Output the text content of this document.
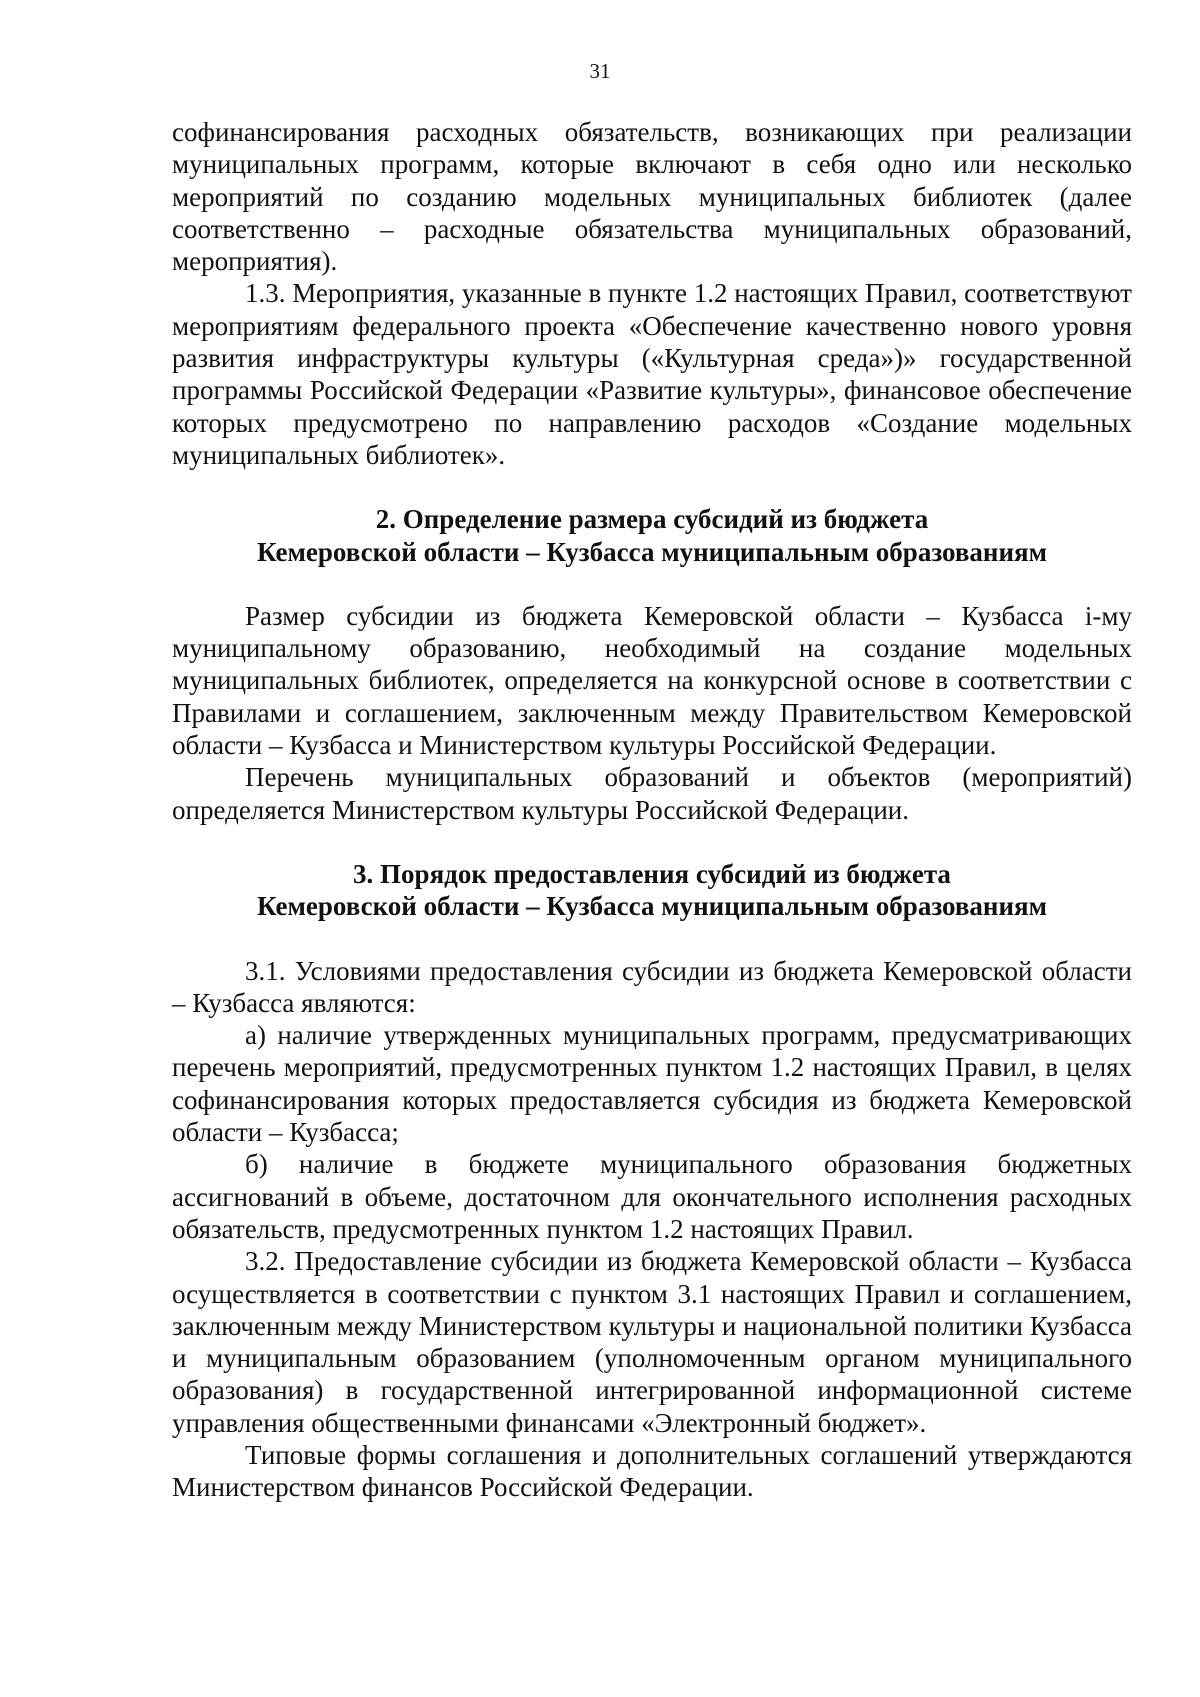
31

софинансирования расходных обязательств, возникающих при реализации муниципальных программ, которые включают в себя одно или несколько мероприятий по созданию модельных муниципальных библиотек (далее соответственно – расходные обязательства муниципальных образований, мероприятия).

1.3. Мероприятия, указанные в пункте 1.2 настоящих Правил, соответствуют мероприятиям федерального проекта «Обеспечение качественно нового уровня развития инфраструктуры культуры («Культурная среда»)» государственной программы Российской Федерации «Развитие культуры», финансовое обеспечение которых предусмотрено по направлению расходов «Создание модельных муниципальных библиотек».

2. Определение размера субсидий из бюджета
Кемеровской области – Кузбасса муниципальным образованиям

Размер субсидии из бюджета Кемеровской области – Кузбасса i-му муниципальному образованию, необходимый на создание модельных муниципальных библиотек, определяется на конкурсной основе в соответствии с Правилами и соглашением, заключенным между Правительством Кемеровской области – Кузбасса и Министерством культуры Российской Федерации.

Перечень муниципальных образований и объектов (мероприятий) определяется Министерством культуры Российской Федерации.

3. Порядок предоставления субсидий из бюджета
Кемеровской области – Кузбасса муниципальным образованиям

3.1. Условиями предоставления субсидии из бюджета Кемеровской области – Кузбасса являются:

а) наличие утвержденных муниципальных программ, предусматривающих перечень мероприятий, предусмотренных пунктом 1.2 настоящих Правил, в целях софинансирования которых предоставляется субсидия из бюджета Кемеровской области – Кузбасса;

б) наличие в бюджете муниципального образования бюджетных ассигнований в объеме, достаточном для окончательного исполнения расходных обязательств, предусмотренных пунктом 1.2 настоящих Правил.

3.2. Предоставление субсидии из бюджета Кемеровской области – Кузбасса осуществляется в соответствии с пунктом 3.1 настоящих Правил и соглашением, заключенным между Министерством культуры и национальной политики Кузбасса и муниципальным образованием (уполномоченным органом муниципального образования) в государственной интегрированной информационной системе управления общественными финансами «Электронный бюджет».

Типовые формы соглашения и дополнительных соглашений утверждаются Министерством финансов Российской Федерации.
